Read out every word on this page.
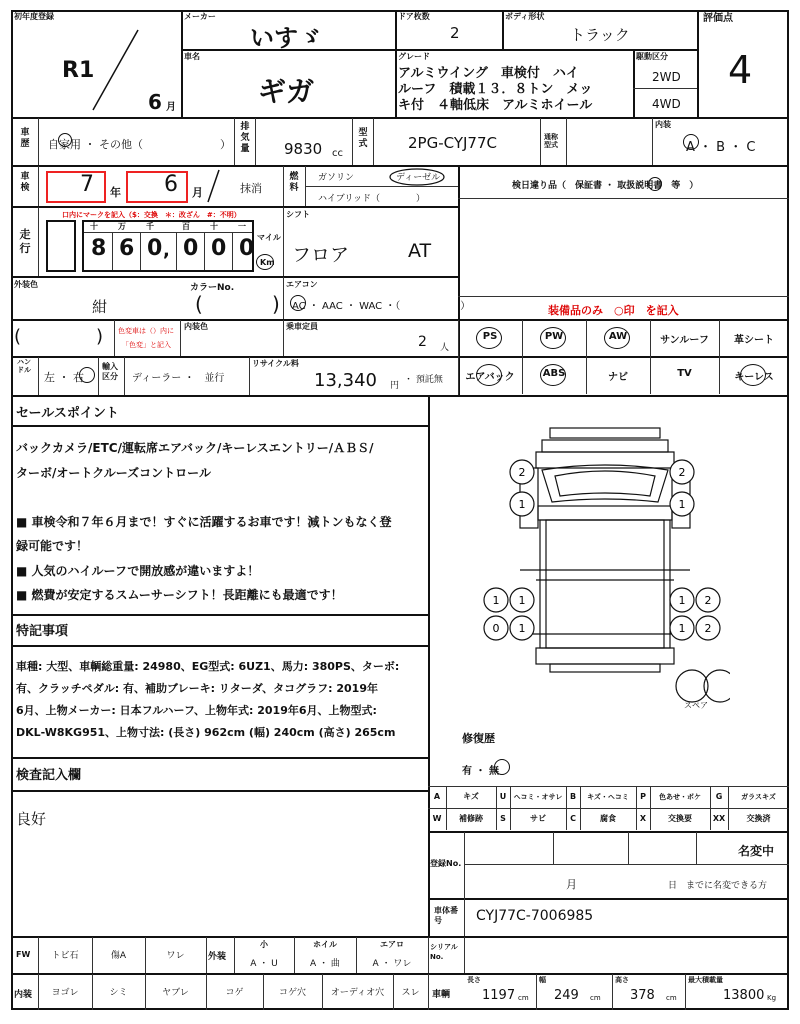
初年度登録
R1
6 月
メーカー
いすゞ
車名
ギガ
ドア枚数
2
ボディ形状
トラック
グレード
アルミウイング　車検付　ハイ
ルーフ　積載１３．８トン　メッ
キ付　４軸低床　アルミホイール
駆動区分
2WD
4WD
評価点
4
車歴 自家用 ・ その他（　　　　　　　）
排気量 9830 cc
型式	2PG-CYJ77C	通称型式
内装
A ・ B ・ C
車検 7 年 6 月	抹消
燃料
ガソリン	ディーゼル
ハイブリッド（　　　　）
検日違り品（　保証書 ・ 取扱説明書　等　）
走行
口内にマークを記入（$：交換　＊：改ざん　#：不明）
十	万	千	百	十	一
8 6 0 0 0 0
,
マイル
Km
シフト
フロア	AT
外装色
紺
カラーNo.
(	)
エアコン
AC ・ AAC ・ WAC ・（　　　　　　）	装備品のみ　○印　を記入
(	) 色変車は（）内に
「色変」と記入
内装色	乗車定員
2 人
PS	PW	AW	サンルーフ	革シート
ハンドル
左 ・ 右
輸入区分	ディーラー ・　並行
リサイクル料
13,340 円
・ 預託無	エアバック	ABS	ナビ	TV	キーレス
セールスポイント
バックカメラ/ETC/運転席エアバック/キーレスエントリー/ＡＢＳ/
ターボ/オートクルーズコントロール
■ 車検令和７年６月まで！すぐに活躍するお車です！減トンもなく登
録可能です！
■ 人気のハイルーフで開放感が違いますよ！
■ 燃費が安定するスムーサーシフト！長距離にも最適です！
特記事項
車種: 大型、車輌総重量: 24980、EG型式: 6UZ1、馬力: 380PS、ターボ:
有、クラッチペダル: 有、補助ブレーキ: リターダ、タコグラフ: 2019年
6月、上物メーカー: 日本フルハーフ、上物年式: 2019年6月、上物型式:
DKL-W8KG951、上物寸法: (長さ) 962cm (幅) 240cm (高さ) 265cm
検査記入欄
良好
2
1
1 1
0 1
2
1
1 2
1 2
スペア
修復歴
有 ・ 無
A	キズ	U	ヘコミ・オサレ B	キズ・ヘコミ	P	色あせ・ボケ	G	ガラスキズ
W	補修跡	S	サビ	C	腐食	X	交換要	XX	交換済
登録No.
名変中
月	日　までに名変できる方
車体番号	CYJ77C-7006985
FW	トビ石	傷A	ワレ	外装
小
A ・ U
ホイル
A ・ 曲
エアロ
A ・ ワレ
シリアルNo.
内装	ヨゴレ	シミ	ヤブレ	コゲ	コゲ穴	オーディオ穴	スレ	車輌
長さ
1197 cm
幅
249 cm
高さ
378 cm
最大積載量
13800 Kg
